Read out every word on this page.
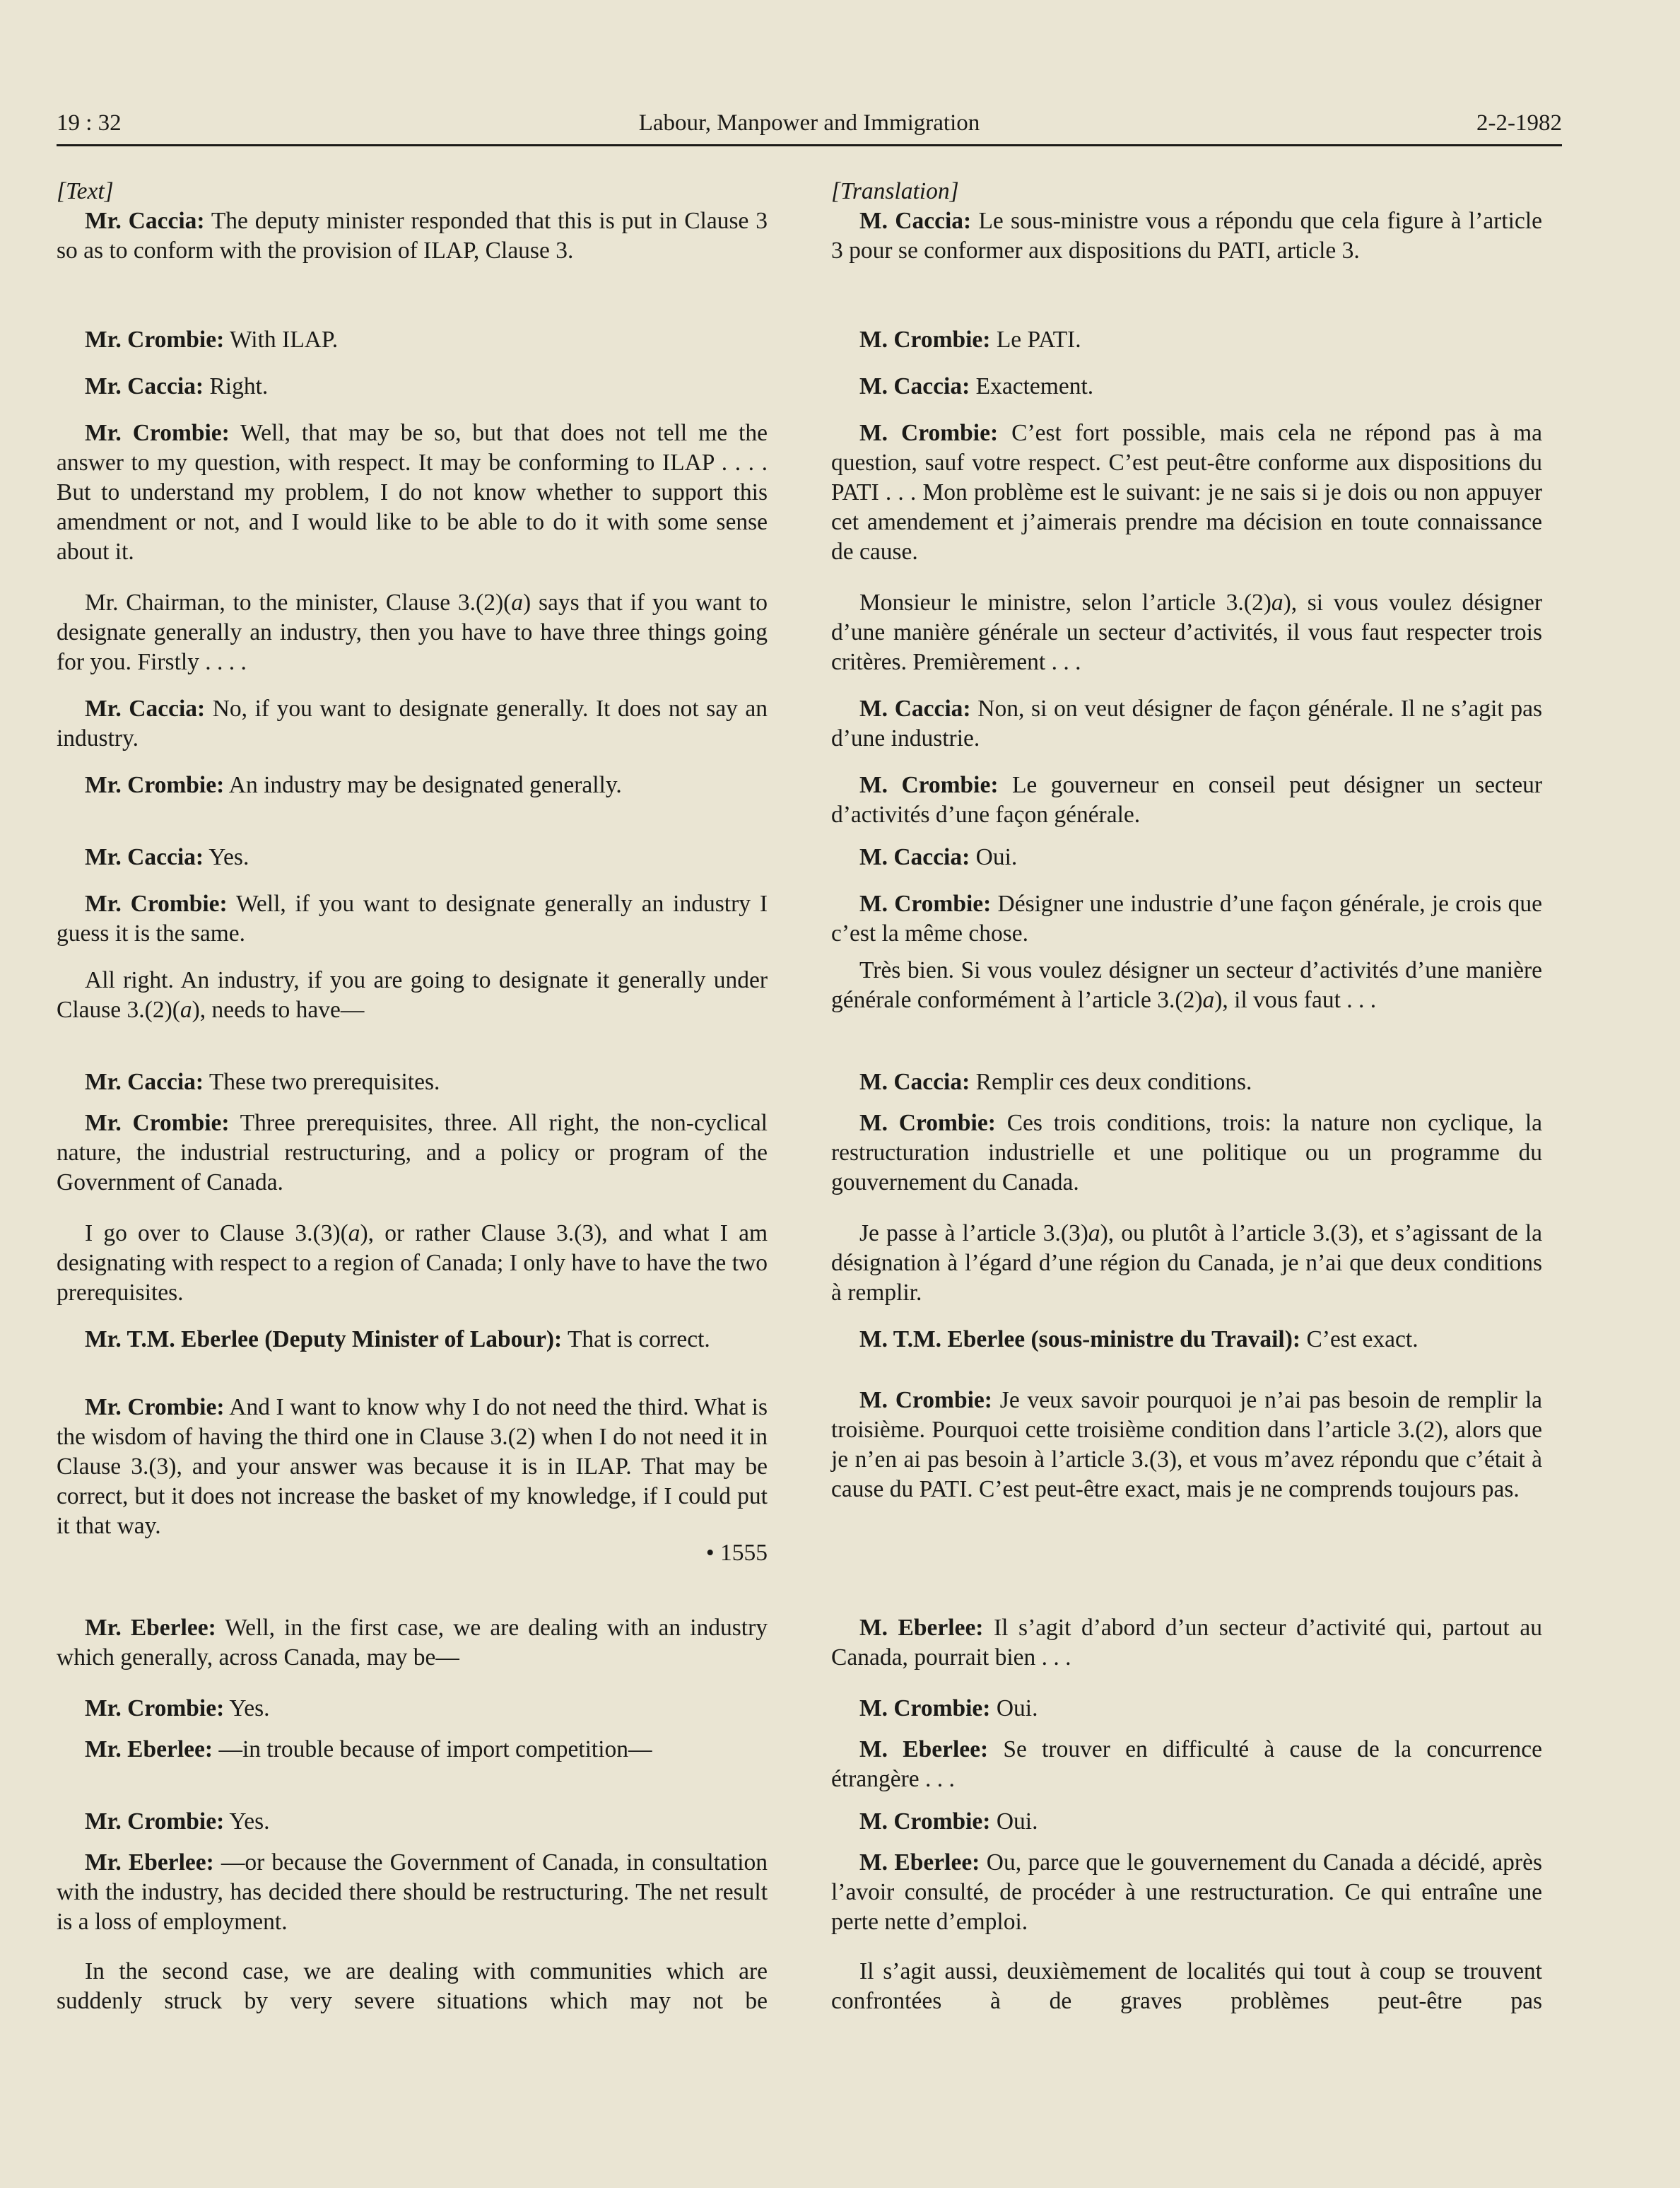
19 : 32	Labour, Manpower and Immigration	2-2-1982
[Text]

Mr. Caccia: The deputy minister responded that this is put in Clause 3 so as to conform with the provision of ILAP, Clause 3.

Mr. Crombie: With ILAP.

Mr. Caccia: Right.

Mr. Crombie: Well, that may be so, but that does not tell me the answer to my question, with respect. It may be conforming to ILAP . . . . But to understand my problem, I do not know whether to support this amendment or not, and I would like to be able to do it with some sense about it.

Mr. Chairman, to the minister, Clause 3.(2)(a) says that if you want to designate generally an industry, then you have to have three things going for you. Firstly . . . .

Mr. Caccia: No, if you want to designate generally. It does not say an industry.

Mr. Crombie: An industry may be designated generally.

Mr. Caccia: Yes.

Mr. Crombie: Well, if you want to designate generally an industry I guess it is the same.

All right. An industry, if you are going to designate it generally under Clause 3.(2)(a), needs to have—

Mr. Caccia: These two prerequisites.

Mr. Crombie: Three prerequisites, three. All right, the non-cyclical nature, the industrial restructuring, and a policy or program of the Government of Canada.

I go over to Clause 3.(3)(a), or rather Clause 3.(3), and what I am designating with respect to a region of Canada; I only have to have the two prerequisites.

Mr. T.M. Eberlee (Deputy Minister of Labour): That is correct.

Mr. Crombie: And I want to know why I do not need the third. What is the wisdom of having the third one in Clause 3.(2) when I do not need it in Clause 3.(3), and your answer was because it is in ILAP. That may be correct, but it does not increase the basket of my knowledge, if I could put it that way.

• 1555

Mr. Eberlee: Well, in the first case, we are dealing with an industry which generally, across Canada, may be—

Mr. Crombie: Yes.

Mr. Eberlee: —in trouble because of import competition—

Mr. Crombie: Yes.

Mr. Eberlee: —or because the Government of Canada, in consultation with the industry, has decided there should be restructuring. The net result is a loss of employment.

In the second case, we are dealing with communities which are suddenly struck by very severe situations which may not be

[Translation]

M. Caccia: Le sous-ministre vous a répondu que cela figure à l’article 3 pour se conformer aux dispositions du PATI, article 3.

M. Crombie: Le PATI.

M. Caccia: Exactement.

M. Crombie: C’est fort possible, mais cela ne répond pas à ma question, sauf votre respect. C’est peut-être conforme aux dispositions du PATI . . . Mon problème est le suivant: je ne sais si je dois ou non appuyer cet amendement et j’aimerais prendre ma décision en toute connaissance de cause.

Monsieur le ministre, selon l’article 3.(2)a), si vous voulez désigner d’une manière générale un secteur d’activités, il vous faut respecter trois critères. Premièrement . . .

M. Caccia: Non, si on veut désigner de façon générale. Il ne s’agit pas d’une industrie.

M. Crombie: Le gouverneur en conseil peut désigner un secteur d’activités d’une façon générale.

M. Caccia: Oui.

M. Crombie: Désigner une industrie d’une façon générale, je crois que c’est la même chose.

Très bien. Si vous voulez désigner un secteur d’activités d’une manière générale conformément à l’article 3.(2)a), il vous faut . . .

M. Caccia: Remplir ces deux conditions.

M. Crombie: Ces trois conditions, trois: la nature non cyclique, la restructuration industrielle et une politique ou un programme du gouvernement du Canada.

Je passe à l’article 3.(3)a), ou plutôt à l’article 3.(3), et s’agissant de la désignation à l’égard d’une région du Canada, je n’ai que deux conditions à remplir.

M. T.M. Eberlee (sous-ministre du Travail): C’est exact.

M. Crombie: Je veux savoir pourquoi je n’ai pas besoin de remplir la troisième. Pourquoi cette troisième condition dans l’article 3.(2), alors que je n’en ai pas besoin à l’article 3.(3), et vous m’avez répondu que c’était à cause du PATI. C’est peut-être exact, mais je ne comprends toujours pas.

M. Eberlee: Il s’agit d’abord d’un secteur d’activité qui, partout au Canada, pourrait bien . . .

M. Crombie: Oui.

M. Eberlee: Se trouver en difficulté à cause de la concurrence étrangère . . .

M. Crombie: Oui.

M. Eberlee: Ou, parce que le gouvernement du Canada a décidé, après l’avoir consulté, de procéder à une restructuration. Ce qui entraîne une perte nette d’emploi.

Il s’agit aussi, deuxièmement de localités qui tout à coup se trouvent confrontées à de graves problèmes peut-être pas
